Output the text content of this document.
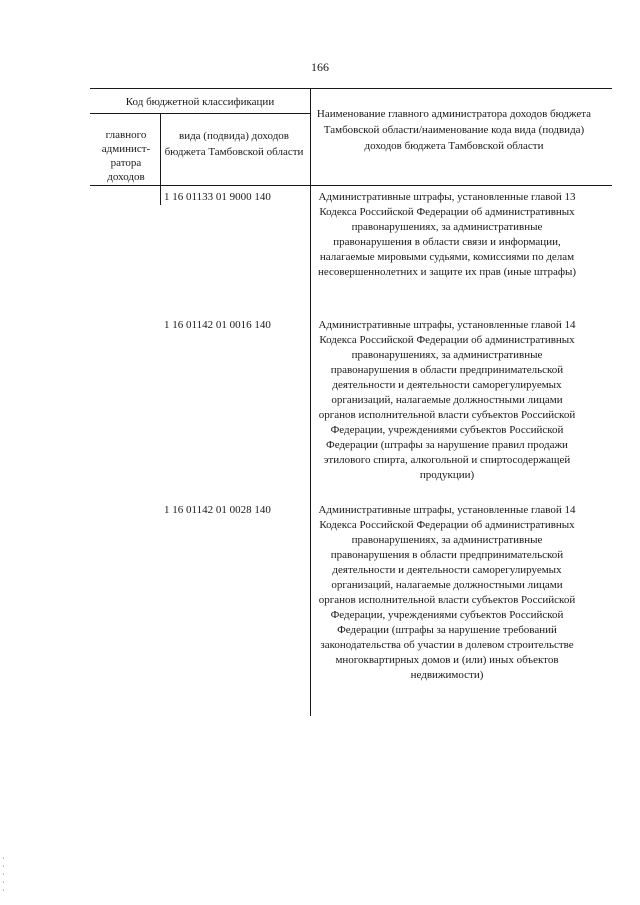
166
Код бюджетной классификации
главного админист-ратора доходов
вида (подвида) доходов бюджета Тамбовской области
Наименование главного администратора доходов бюджета Тамбовской области/наименование кода вида (подвида) доходов бюджета Тамбовской области
1 16 01133 01 9000 140	Административные штрафы, установленные главой 13 Кодекса Российской Федерации об административных правонарушениях, за административные правонарушения в области связи и информации, налагаемые мировыми судьями, комиссиями по делам несовершеннолетних и защите их прав (иные штрафы)
1 16 01142 01 0016 140	Административные штрафы, установленные главой 14 Кодекса Российской Федерации об административных правонарушениях, за административные правонарушения в области предпринимательской деятельности и деятельности саморегулируемых организаций, налагаемые должностными лицами органов исполнительной власти субъектов Российской Федерации, учреждениями субъектов Российской Федерации (штрафы за нарушение правил продажи этилового спирта, алкогольной и спиртосодержащей продукции)
1 16 01142 01 0028 140	Административные штрафы, установленные главой 14 Кодекса Российской Федерации об административных правонарушениях, за административные правонарушения в области предпринимательской деятельности и деятельности саморегулируемых организаций, налагаемые должностными лицами органов исполнительной власти субъектов Российской Федерации, учреждениями субъектов Российской Федерации (штрафы за нарушение требований законодательства об участии в долевом строительстве многоквартирных домов и (или) иных объектов недвижимости)
·
·
·
·
·
